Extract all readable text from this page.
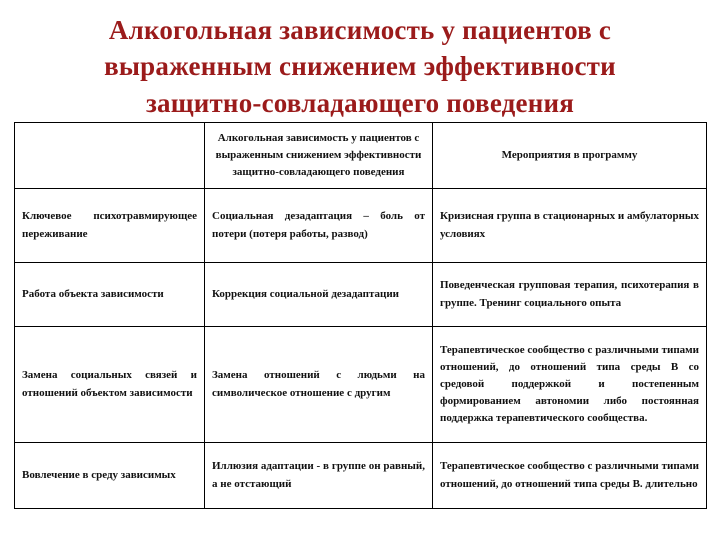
Алкогольная зависимость у пациентов с
выраженным снижением эффективности
защитно-совладающего поведения
	Алкогольная зависимость у пациентов с выраженным снижением эффективности защитно-совладающего поведения	Мероприятия в программу
Ключевое психотравмирующее переживание	Социальная дезадаптация – боль от потери (потеря работы, развод)	Кризисная группа в стационарных и амбулаторных условиях
Работа объекта зависимости	Коррекция социальной дезадаптации	Поведенческая групповая терапия, психотерапия в группе. Тренинг социального опыта
Замена социальных связей и отношений объектом зависимости	Замена отношений с людьми на символическое отношение с другим	Терапевтическое сообщество с различными типами отношений, до отношений типа среды В со средовой поддержкой и постепенным формированием автономии либо постоянная поддержка терапевтического сообщества.
Вовлечение в среду зависимых	Иллюзия адаптации - в группе он равный, а не отстающий	Терапевтическое сообщество с различными типами отношений, до отношений типа среды В. длительно
